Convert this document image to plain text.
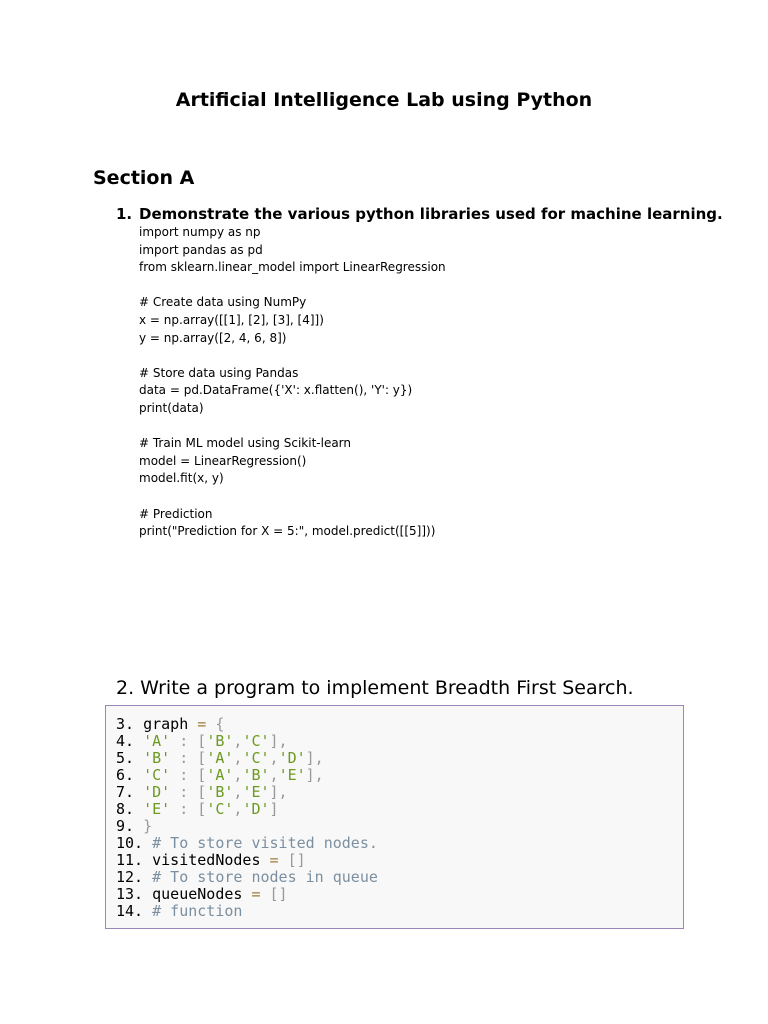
Artificial Intelligence Lab using Python
Section A
1. Demonstrate the various python libraries used for machine learning.
import numpy as np
import pandas as pd
from sklearn.linear_model import LinearRegression
# Create data using NumPy
x = np.array([[1], [2], [3], [4]])
y = np.array([2, 4, 6, 8])
# Store data using Pandas
data = pd.DataFrame({'X': x.flatten(), 'Y': y})
print(data)
# Train ML model using Scikit-learn
model = LinearRegression()
model.fit(x, y)
# Prediction
print("Prediction for X = 5:", model.predict([[5]]))
2. Write a program to implement Breadth First Search.
3. graph = {
4. 'A' : ['B','C'],
5. 'B' : ['A','C','D'],
6. 'C' : ['A','B','E'],
7. 'D' : ['B','E'],
8. 'E' : ['C','D']
9. }
10. # To store visited nodes.
11. visitedNodes = []
12. # To store nodes in queue
13. queueNodes = []
14. # function
